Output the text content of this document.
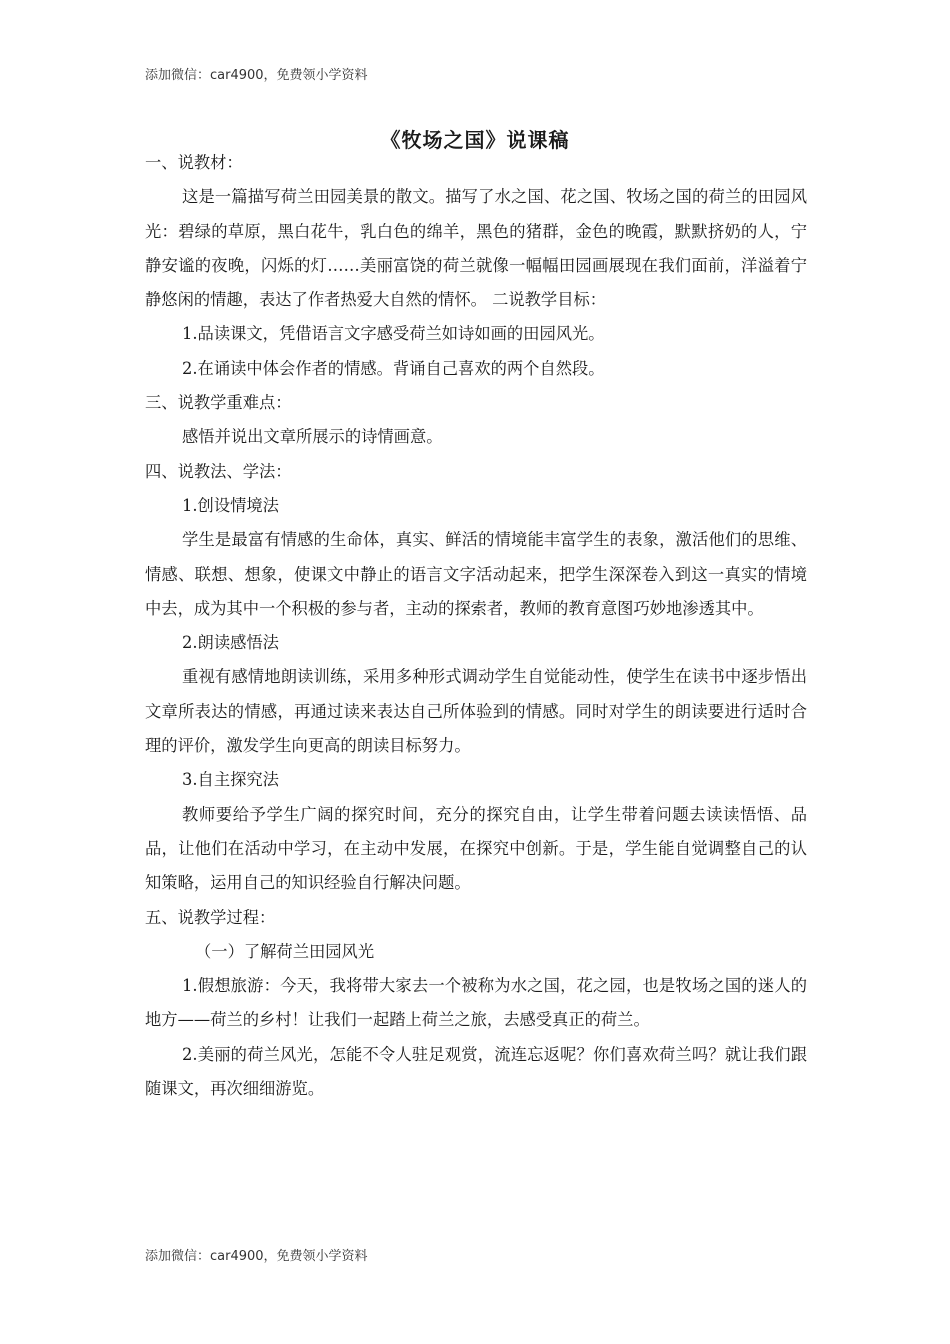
添加微信：car4900，免费领小学资料
《牧场之国》说课稿

一、说教材：

这是一篇描写荷兰田园美景的散文。描写了水之国、花之国、牧场之国的荷兰的田园风光：碧绿的草原，黑白花牛，乳白色的绵羊，黑色的猪群，金色的晚霞，默默挤奶的人，宁静安谧的夜晚，闪烁的灯……美丽富饶的荷兰就像一幅幅田园画展现在我们面前，洋溢着宁静悠闲的情趣，表达了作者热爱大自然的情怀。 二说教学目标：

1.品读课文，凭借语言文字感受荷兰如诗如画的田园风光。

2.在诵读中体会作者的情感。背诵自己喜欢的两个自然段。

三、说教学重难点：

感悟并说出文章所展示的诗情画意。

四、说教法、学法：

1.创设情境法

学生是最富有情感的生命体，真实、鲜活的情境能丰富学生的表象，激活他们的思维、情感、联想、想象，使课文中静止的语言文字活动起来，把学生深深卷入到这一真实的情境中去，成为其中一个积极的参与者，主动的探索者，教师的教育意图巧妙地渗透其中。

2.朗读感悟法

重视有感情地朗读训练，采用多种形式调动学生自觉能动性，使学生在读书中逐步悟出文章所表达的情感，再通过读来表达自己所体验到的情感。同时对学生的朗读要进行适时合理的评价，激发学生向更高的朗读目标努力。

3.自主探究法

教师要给予学生广阔的探究时间，充分的探究自由，让学生带着问题去读读悟悟、品品，让他们在活动中学习，在主动中发展，在探究中创新。于是，学生能自觉调整自己的认知策略，运用自己的知识经验自行解决问题。

五、说教学过程：

（一）了解荷兰田园风光

1.假想旅游：今天，我将带大家去一个被称为水之国，花之园，也是牧场之国的迷人的地方——荷兰的乡村！让我们一起踏上荷兰之旅，去感受真正的荷兰。

2.美丽的荷兰风光，怎能不令人驻足观赏，流连忘返呢？你们喜欢荷兰吗？就让我们跟随课文，再次细细游览。

添加微信：car4900，免费领小学资料
